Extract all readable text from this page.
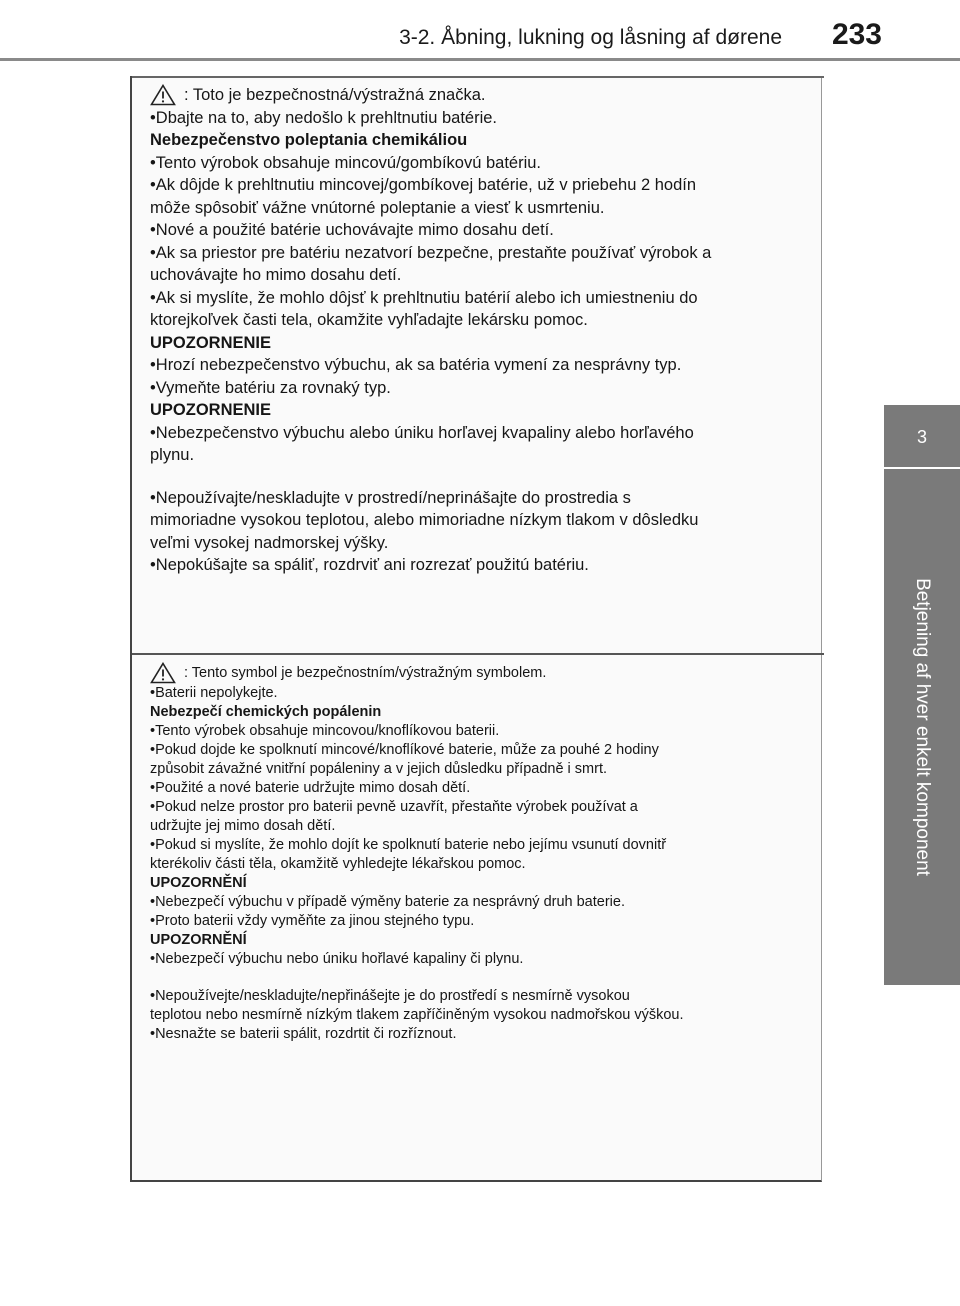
3-2. Åbning, lukning og låsning af dørene 233
3
Betjening af hver enkelt komponent
: Toto je bezpečnostná/výstražná značka.
•Dbajte na to, aby nedošlo k prehltnutiu batérie.
Nebezpečenstvo poleptania chemikáliou
•Tento výrobok obsahuje mincovú/gombíkovú batériu.
•Ak dôjde k prehltnutiu mincovej/gombíkovej batérie, už v priebehu 2 hodín
môže spôsobiť vážne vnútorné poleptanie a viesť k usmrteniu.
•Nové a použité batérie uchovávajte mimo dosahu detí.
•Ak sa priestor pre batériu nezatvorí bezpečne, prestaňte používať výrobok a
uchovávajte ho mimo dosahu detí.
•Ak si myslíte, že mohlo dôjsť k prehltnutiu batérií alebo ich umiestneniu do
ktorejkoľvek časti tela, okamžite vyhľadajte lekársku pomoc.
UPOZORNENIE
•Hrozí nebezpečenstvo výbuchu, ak sa batéria vymení za nesprávny typ.
•Vymeňte batériu za rovnaký typ.
UPOZORNENIE
•Nebezpečenstvo výbuchu alebo úniku horľavej kvapaliny alebo horľavého
plynu.
•Nepoužívajte/neskladujte v prostredí/neprinášajte do prostredia s
mimoriadne vysokou teplotou, alebo mimoriadne nízkym tlakom v dôsledku
veľmi vysokej nadmorskej výšky.
•Nepokúšajte sa spáliť, rozdrviť ani rozrezať použitú batériu.
: Tento symbol je bezpečnostním/výstražným symbolem.
•Baterii nepolykejte.
Nebezpečí chemických popálenin
•Tento výrobek obsahuje mincovou/knoflíkovou baterii.
•Pokud dojde ke spolknutí mincové/knoflíkové baterie, může za pouhé 2 hodiny
způsobit závažné vnitřní popáleniny a v jejich důsledku případně i smrt.
•Použité a nové baterie udržujte mimo dosah dětí.
•Pokud nelze prostor pro baterii pevně uzavřít, přestaňte výrobek používat a
udržujte jej mimo dosah dětí.
•Pokud si myslíte, že mohlo dojít ke spolknutí baterie nebo jejímu vsunutí dovnitř
kterékoliv části těla, okamžitě vyhledejte lékařskou pomoc.
UPOZORNĚNÍ
•Nebezpečí výbuchu v případě výměny baterie za nesprávný druh baterie.
•Proto baterii vždy vyměňte za jinou stejného typu.
UPOZORNĚNÍ
•Nebezpečí výbuchu nebo úniku hořlavé kapaliny či plynu.
•Nepoužívejte/neskladujte/nepřinášejte je do prostředí s nesmírně vysokou
teplotou nebo nesmírně nízkým tlakem zapříčiněným vysokou nadmořskou výškou.
•Nesnažte se baterii spálit, rozdrtit či rozříznout.
